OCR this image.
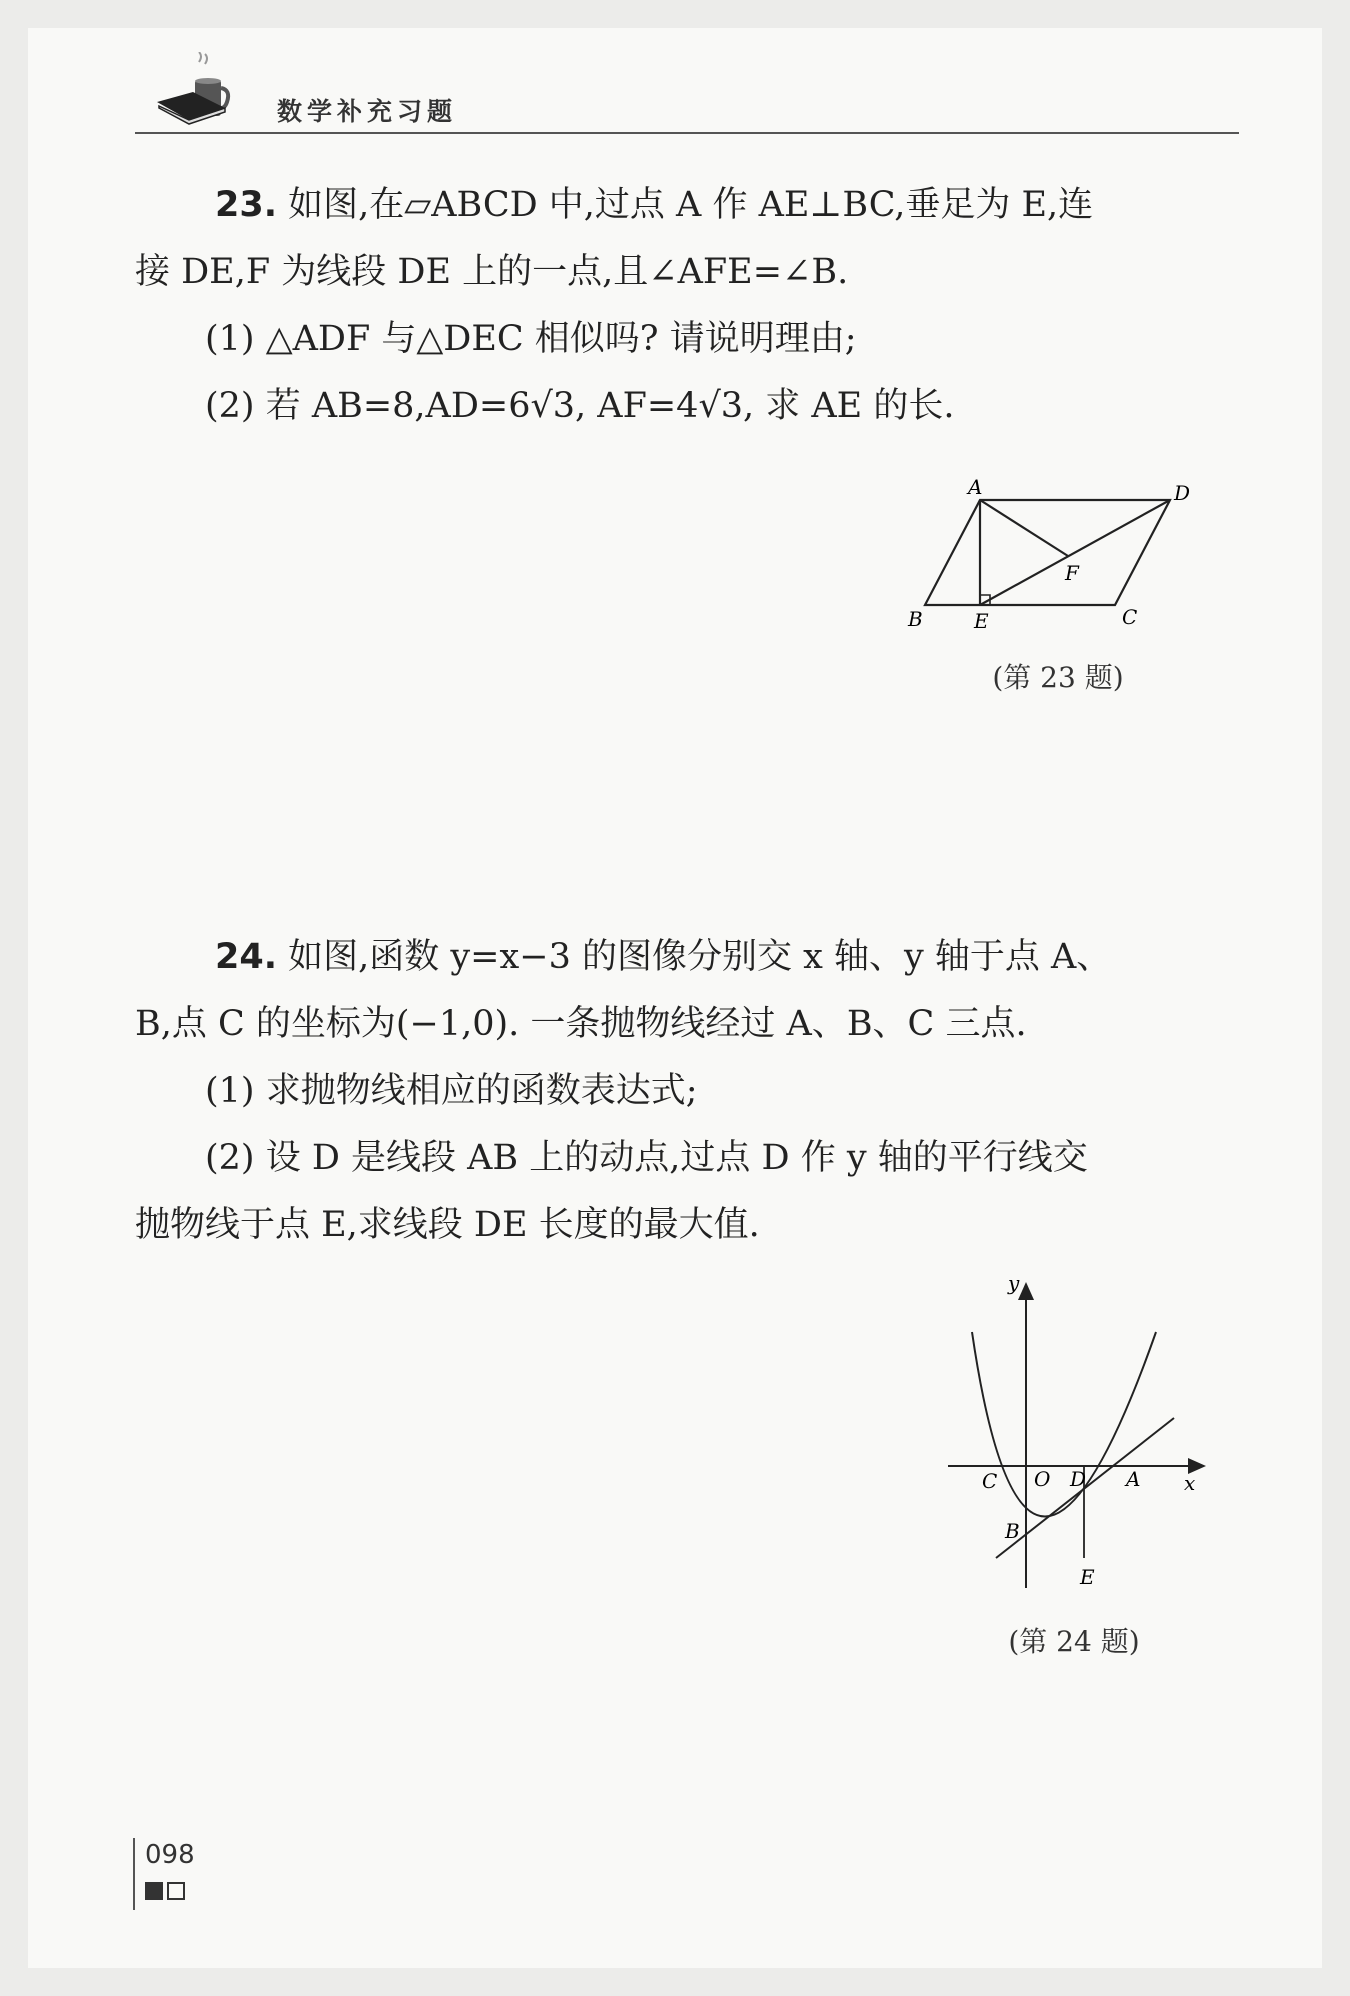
数学补充习题

23. 如图,在▱ABCD 中,过点 A 作 AE⊥BC,垂足为 E,连

接 DE,F 为线段 DE 上的一点,且∠AFE=∠B.

(1) △ADF 与△DEC 相似吗? 请说明理由;

(2) 若 AB=8,AD=6√3, AF=4√3, 求 AE 的长.

A	D
F
B	E	C
(第 23 题)

24. 如图,函数 y=x−3 的图像分别交 x 轴、y 轴于点 A、

B,点 C 的坐标为(−1,0). 一条抛物线经过 A、B、C 三点.

(1) 求抛物线相应的函数表达式;

(2) 设 D 是线段 AB 上的动点,过点 D 作 y 轴的平行线交

抛物线于点 E,求线段 DE 长度的最大值.

y
x
O
C	D A
B
E
(第 24 题)
098
